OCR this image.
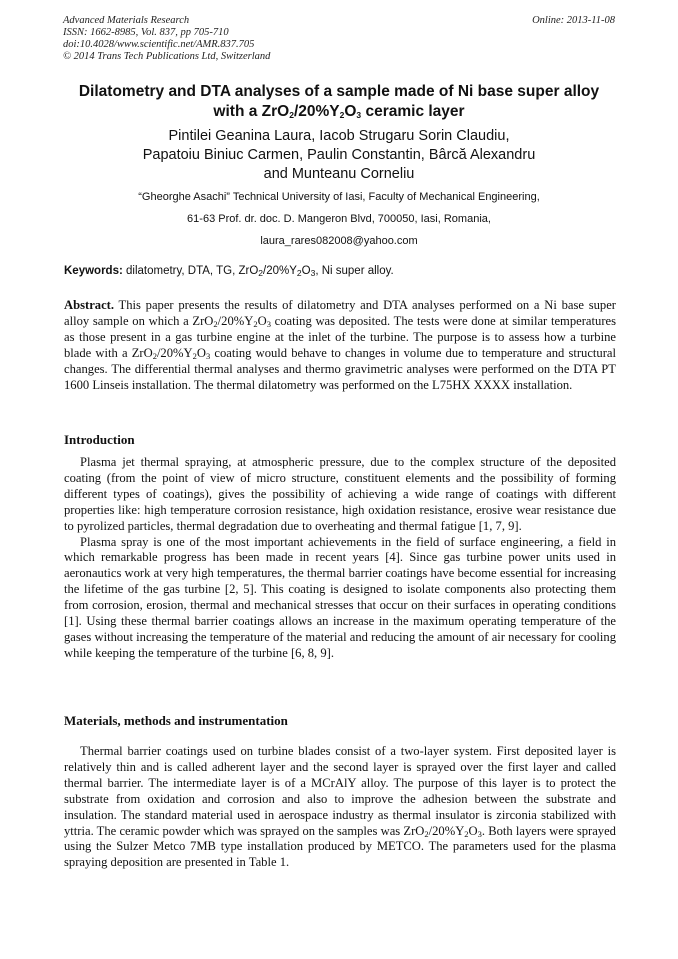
Advanced Materials Research
ISSN: 1662-8985, Vol. 837, pp 705-710
doi:10.4028/www.scientific.net/AMR.837.705
© 2014 Trans Tech Publications Ltd, Switzerland
Online: 2013-11-08
Dilatometry and DTA analyses of a sample made of Ni base super alloy
with a $ZrO_2/20\%Y_2O_3$ ceramic layer
Pintilei Geanina Laura, Iacob Strugaru Sorin Claudiu,
Papatoiu Biniuc Carmen, Paulin Constantin, Bârcă Alexandru
and Munteanu Corneliu
“Gheorghe Asachi” Technical University of Iasi, Faculty of Mechanical Engineering,
61-63 Prof. dr. doc. D. Mangeron Blvd, 700050, Iasi, Romania,
laura_rares082008@yahoo.com
Keywords: dilatometry, DTA, TG, $ZrO_2/20\%Y_2O_3$, Ni super alloy.
Abstract. This paper presents the results of dilatometry and DTA analyses performed on a Ni base super alloy sample on which a $ZrO_2/20\%Y_2O_3$ coating was deposited. The tests were done at similar temperatures as those present in a gas turbine engine at the inlet of the turbine. The purpose is to assess how a turbine blade with a $ZrO_2/20\%Y_2O_3$ coating would behave to changes in volume due to temperature and structural changes. The differential thermal analyses and thermo gravimetric analyses were performed on the DTA PT 1600 Linseis installation. The thermal dilatometry was performed on the L75HX XXXX installation.
Introduction

Plasma jet thermal spraying, at atmospheric pressure, due to the complex structure of the deposited coating (from the point of view of micro structure, constituent elements and the possibility of forming different types of coatings), gives the possibility of achieving a wide range of coatings with different properties like: high temperature corrosion resistance, high oxidation resistance, erosive wear resistance due to pyrolized particles, thermal degradation due to overheating and thermal fatigue [1, 7, 9].

Plasma spray is one of the most important achievements in the field of surface engineering, a field in which remarkable progress has been made in recent years [4]. Since gas turbine power units used in aeronautics work at very high temperatures, the thermal barrier coatings have become essential for increasing the lifetime of the gas turbine [2, 5]. This coating is designed to isolate components also protecting them from corrosion, erosion, thermal and mechanical stresses that occur on their surfaces in operating conditions [1]. Using these thermal barrier coatings allows an increase in the maximum operating temperature of the gases without increasing the temperature of the material and reducing the amount of air necessary for cooling while keeping the temperature of the turbine [6, 8, 9].

Materials, methods and instrumentation

Thermal barrier coatings used on turbine blades consist of a two-layer system. First deposited layer is relatively thin and is called adherent layer and the second layer is sprayed over the first layer and called thermal barrier. The intermediate layer is of a MCrAlY alloy. The purpose of this layer is to protect the substrate from oxidation and corrosion and also to improve the adhesion between the substrate and insulation. The standard material used in aerospace industry as thermal insulator is zirconia stabilized with yttria. The ceramic powder which was sprayed on the samples was $ZrO_2/20\%Y_2O_3$. Both layers were sprayed using the Sulzer Metco 7MB type installation produced by METCO. The parameters used for the plasma spraying deposition are presented in Table 1.
